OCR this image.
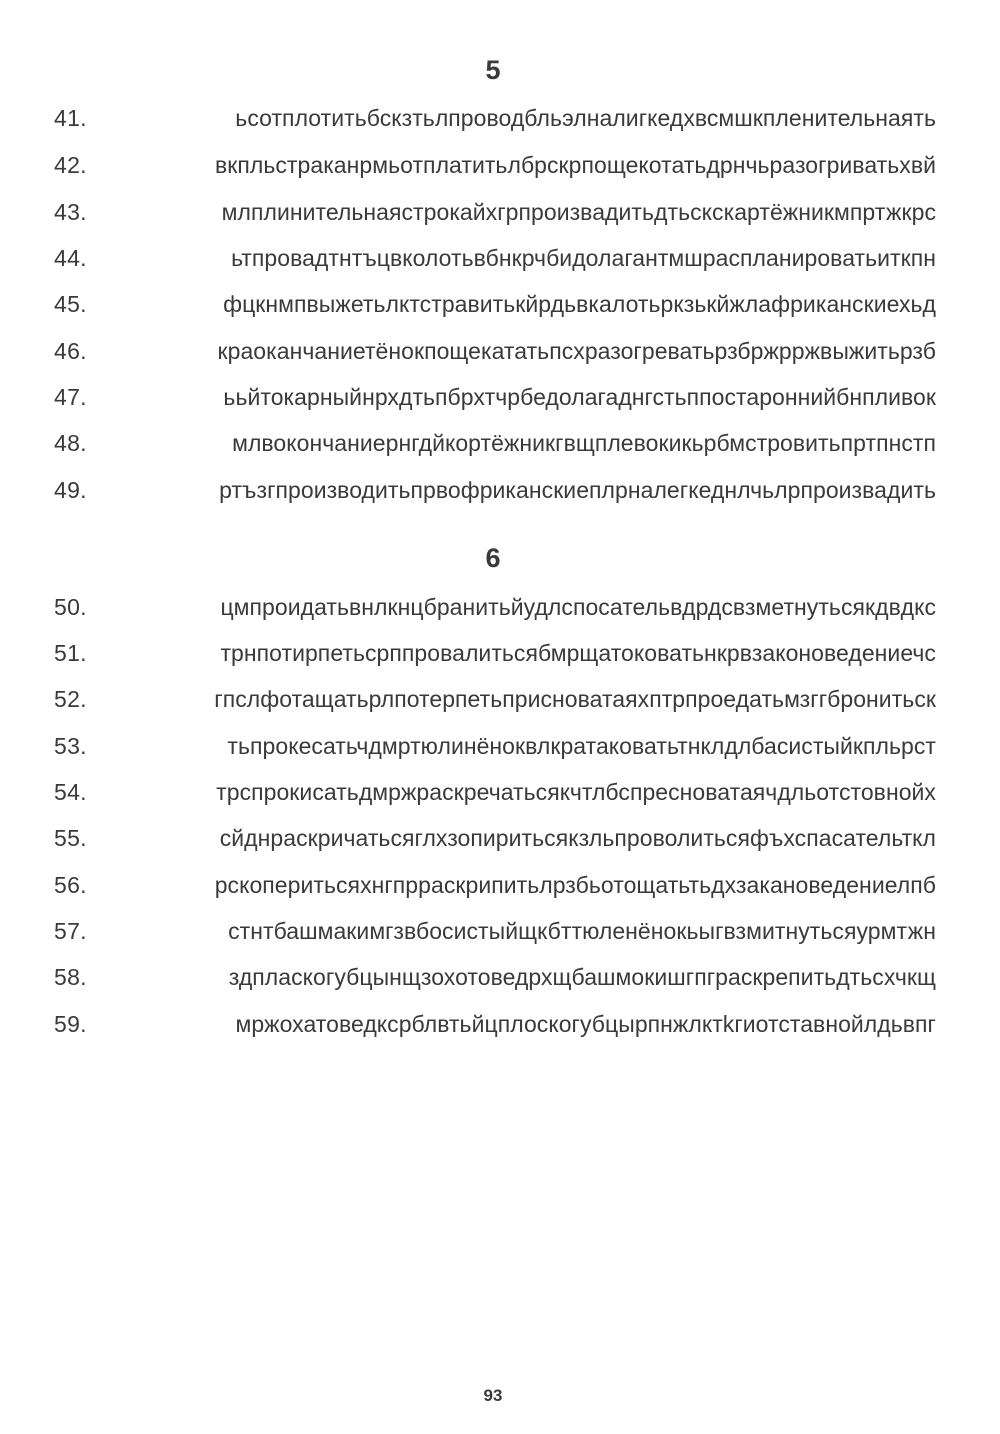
5
41.	ьсотплотитьбскзтьлпроводбльэлналигкедхвсмшкпленительнаять
42.	вкпльстраканрмьотплатитьлбрскрпощекотатьдрнчьразогриватьхвй
43.	млплинительнаястрокайхгрпроизвадитьдтьскскартёжникмпртжкрс
44.	ьтпровадтнтъцвколотьвбнкрчбидолагантмшраспланироватьиткпн
45.	фцкнмпвыжетьлктстравитькйрдьвкалотьркзькйжлафриканскиехьд
46.	краоканчаниетёнокпощекататьпсхразогреватьрзбржрржвыжитьрзб
47.	ььйтокарныйнрхдтьпбрхтчрбедолагаднгстьппостароннийбнпливок
48.	млвокончаниернгдйкортёжникгвщплевокикьрбмстровитьпртпнстп
49.	ртъзгпроизводитьпрвофриканскиеплрналегкеднлчьлрпроизвадить
6
50.	цмпроидатьвнлкнцбранитьйудлспосательвдрдсвзметнутьсякдвдкс
51.	трнпотирпетьсрппровалитьсябмрщатоковатьнкрвзаконоведениечс
52.	гпслфотащатьрлпотерпетьприсноватаяхптрпроедатьмзггбронитьск
53.	тьпрокесатьчдмртюлинёноквлкратаковатьтнклдлбасистыйкпльрст
54.	трспрокисатьдмржраскречатьсякчтлбспресноватаячдльотстовнойх
55.	сйднраскричатьсяглхзопиритьсякзльпроволитьсяфъхспасательткл
56.	рскоперитьсяхнгпрраскрипитьлрзбьотощатьтьдхзакановедениелпб
57.	стнтбашмакимгзвбосистыйщкбттюленёнокьыгвзмитнутьсяурмтжн
58.	здпласкогубцынщзохотоведрхщбашмокишгпграскрепитьдтьсхчкщ
59.	мржохатоведксрблвтьйцплоскогубцырпнжлктkгиотставнойлдьвпг
93
